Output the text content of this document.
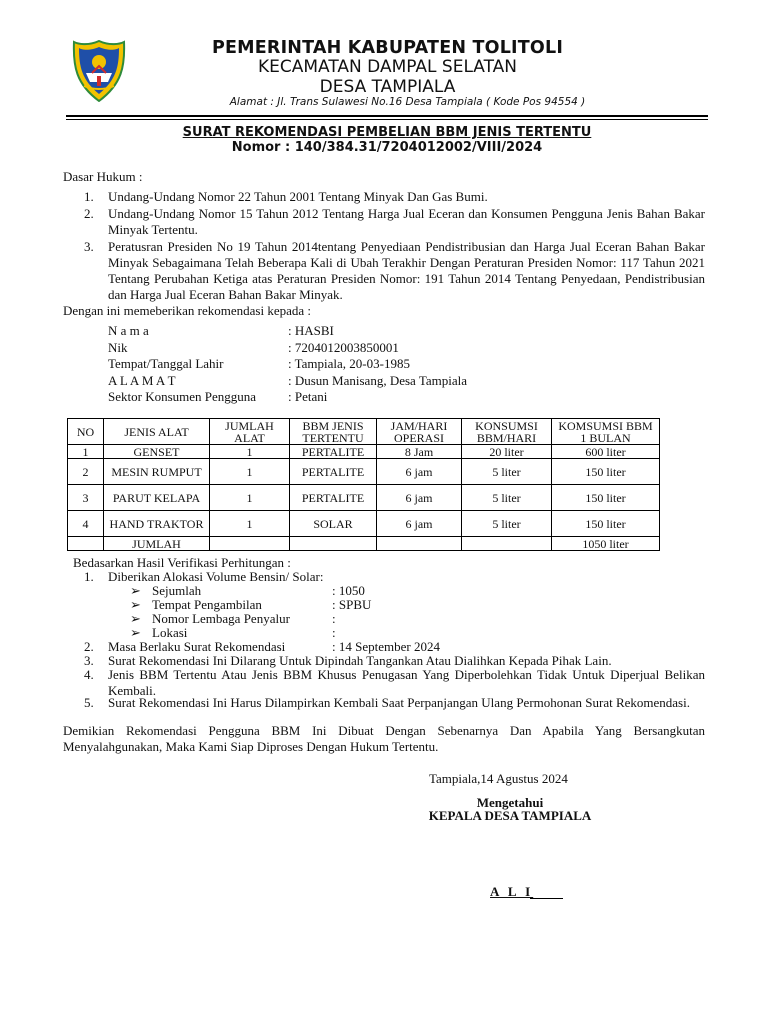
PEMERINTAH KABUPATEN TOLITOLI
KECAMATAN DAMPAL SELATAN
DESA TAMPIALA
Alamat : Jl. Trans Sulawesi No.16 Desa Tampiala ( Kode Pos 94554 )
SURAT REKOMENDASI PEMBELIAN BBM JENIS TERTENTU
Nomor : 140/384.31/7204012002/VIII/2024
Dasar Hukum :
1. Undang-Undang Nomor 22 Tahun 2001 Tentang Minyak Dan Gas Bumi.
2. Undang-Undang Nomor 15 Tahun 2012 Tentang Harga Jual Eceran dan Konsumen Pengguna Jenis Bahan Bakar Minyak Tertentu.
3. Peratusran Presiden No 19 Tahun 2014tentang Penyediaan Pendistribusian dan Harga Jual Eceran Bahan Bakar Minyak Sebagaimana Telah Beberapa Kali di Ubah Terakhir Dengan Peraturan Presiden Nomor: 117 Tahun 2021 Tentang Perubahan Ketiga atas Peraturan Presiden Nomor: 191 Tahun 2014 Tentang Penyedaan, Pendistribusian dan Harga Jual Eceran Bahan Bakar Minyak.
Dengan ini memeberikan rekomendasi kepada :
N a m a	: HASBI
Nik	: 7204012003850001
Tempat/Tanggal Lahir	: Tampiala, 20-03-1985
A L A M A T	: Dusun Manisang, Desa Tampiala
Sektor Konsumen Pengguna : Petani
NO	JENIS ALAT	JUMLAH ALAT	BBM JENIS TERTENTU	JAM/HARI OPERASI	KONSUMSI BBM/HARI	KOMSUMSI BBM 1 BULAN
1	GENSET	1	PERTALITE	8 Jam	20 liter	600 liter
2	MESIN RUMPUT	1	PERTALITE	6 jam	5 liter	150 liter
3	PARUT KELAPA	1	PERTALITE	6 jam	5 liter	150 liter
4	HAND TRAKTOR	1	SOLAR	6 jam	5 liter	150 liter
	JUMLAH					1050 liter
Bedasarkan Hasil Verifikasi Perhitungan :
1. Diberikan Alokasi Volume Bensin/ Solar:
➢ Sejumlah	: 1050
➢ Tempat Pengambilan	: SPBU
➢ Nomor Lembaga Penyalur	:
➢ Lokasi	:
2. Masa Berlaku Surat Rekomendasi	: 14 September 2024
3. Surat Rekomendasi Ini Dilarang Untuk Dipindah Tangankan Atau Dialihkan Kepada Pihak Lain.
4. Jenis BBM Tertentu Atau Jenis BBM Khusus Penugasan Yang Diperbolehkan Tidak Untuk Diperjual Belikan Kembali.
5. Surat Rekomendasi Ini Harus Dilampirkan Kembali Saat Perpanjangan Ulang Permohonan Surat Rekomendasi.
Demikian Rekomendasi Pengguna BBM Ini Dibuat Dengan Sebenarnya Dan Apabila Yang Bersangkutan Menyalahgunakan, Maka Kami Siap Diproses Dengan Hukum Tertentu.
Tampiala,14 Agustus 2024
Mengetahui
KEPALA DESA TAMPIALA
A L I
